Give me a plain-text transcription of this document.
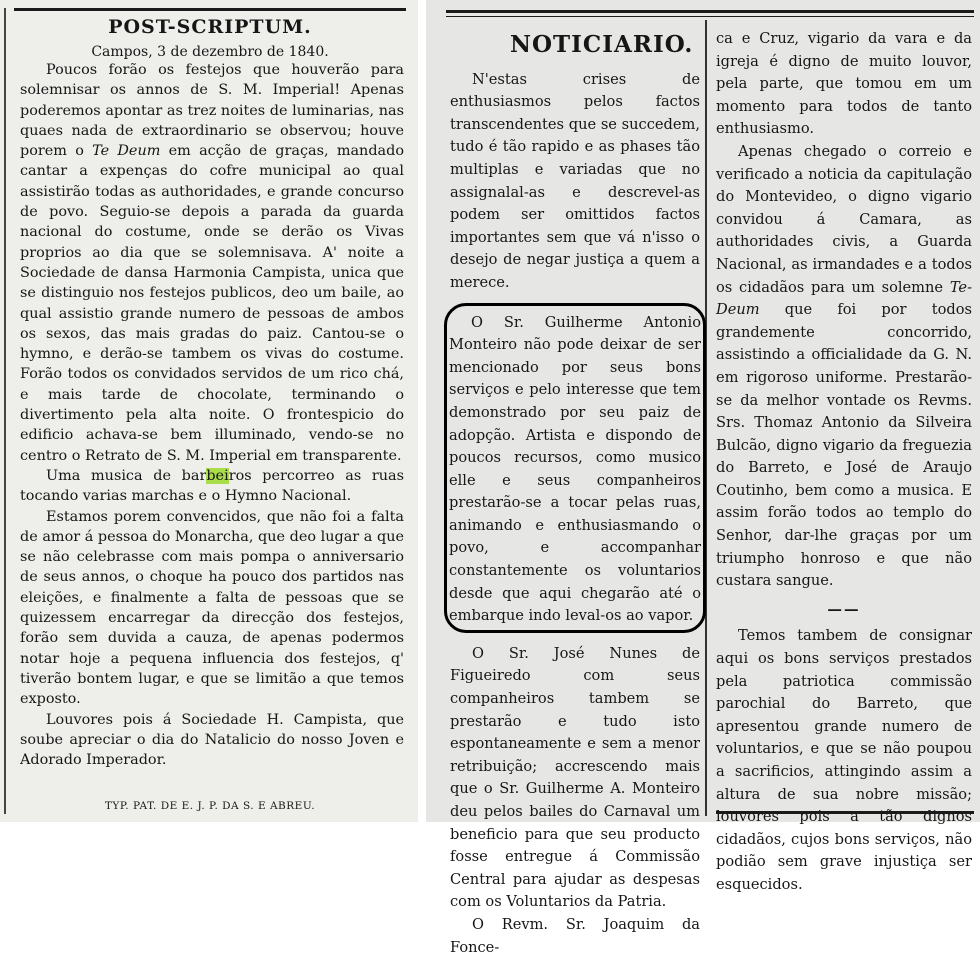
POST-SCRIPTUM.
Campos, 3 de dezembro de 1840.

Poucos forão os festejos que houverão para solemnisar os annos de S. M. Imperial! Apenas poderemos apontar as trez noites de luminarias, nas quaes nada de extraordinario se observou; houve porem o Te Deum em acção de graças, mandado cantar a expenças do cofre municipal ao qual assistirão todas as authoridades, e grande concurso de povo. Seguio-se depois a parada da guarda nacional do costume, onde se derão os Vivas proprios ao dia que se solemnisava. A' noite a Sociedade de dansa Harmonia Campista, unica que se distinguio nos festejos publicos, deo um baile, ao qual assistio grande numero de pessoas de ambos os sexos, das mais gradas do paiz. Cantou-se o hymno, e derão-se tambem os vivas do costume. Forão todos os convidados servidos de um rico chá, e mais tarde de chocolate, terminando o divertimento pela alta noite. O frontespicio do edificio achava-se bem illuminado, vendo-se no centro o Retrato de S. M. Imperial em transparente.

Uma musica de barbeiros percorreo as ruas tocando varias marchas e o Hymno Nacional.

Estamos porem convencidos, que não foi a falta de amor á pessoa do Monarcha, que deo lugar a que se não celebrasse com mais pompa o anniversario de seus annos, o choque ha pouco dos partidos nas eleições, e finalmente a falta de pessoas que se quizessem encarregar da direcção dos festejos, forão sem duvida a cauza, de apenas podermos notar hoje a pequena influencia dos festejos, q' tiverão bontem lugar, e que se limitão a que temos exposto.

Louvores pois á Sociedade H. Campista, que soube apreciar o dia do Natalicio do nosso Joven e Adorado Imperador.

TYP. PAT. DE E. J. P. DA S. E ABREU.
NOTICIARIO.

N'estas crises de enthusiasmos pelos factos transcendentes que se succedem, tudo é tão rapido e as phases tão multiplas e variadas que no assignalal-as e descrevel-as podem ser omittidos factos importantes sem que vá n'isso o desejo de negar justiça a quem a merece.

O Sr. Guilherme Antonio Monteiro não pode deixar de ser mencionado por seus bons serviços e pelo interesse que tem demonstrado por seu paiz de adopção. Artista e dispondo de poucos recursos, como musico elle e seus companheiros prestarão-se a tocar pelas ruas, animando e enthusiasmando o povo, e accompanhar constantemente os voluntarios desde que aqui chegarão até o embarque indo leval-os ao vapor.

O Sr. José Nunes de Figueiredo com seus companheiros tambem se prestarão e tudo isto espontaneamente e sem a menor retribuição; accrescendo mais que o Sr. Guilherme A. Monteiro deu pelos bailes do Carnaval um beneficio para que seu producto fosse entregue á Commissão Central para ajudar as despesas com os Voluntarios da Patria.

O Revm. Sr. Joaquim da Fonce-

ca e Cruz, vigario da vara e da igreja é digno de muito louvor, pela parte, que tomou em um momento para todos de tanto enthusiasmo.

Apenas chegado o correio e verificado a noticia da capitulação do Montevideo, o digno vigario convidou á Camara, as authoridades civis, a Guarda Nacional, as irmandades e a todos os cidadãos para um solemne Te-Deum que foi por todos grandemente concorrido, assistindo a officialidade da G. N. em rigoroso uniforme. Prestarão-se da melhor vontade os Revms. Srs. Thomaz Antonio da Silveira Bulcão, digno vigario da freguezia do Barreto, e José de Araujo Coutinho, bem como a musica. E assim forão todos ao templo do Senhor, dar-lhe graças por um triumpho honroso e que não custara sangue.

——

Temos tambem de consignar aqui os bons serviços prestados pela patriotica commissão parochial do Barreto, que apresentou grande numero de voluntarios, e que se não poupou a sacrificios, attingindo assim a altura de sua nobre missão; louvores pois a tão dignos cidadãos, cujos bons serviços, não podião sem grave injustiça ser esquecidos.
